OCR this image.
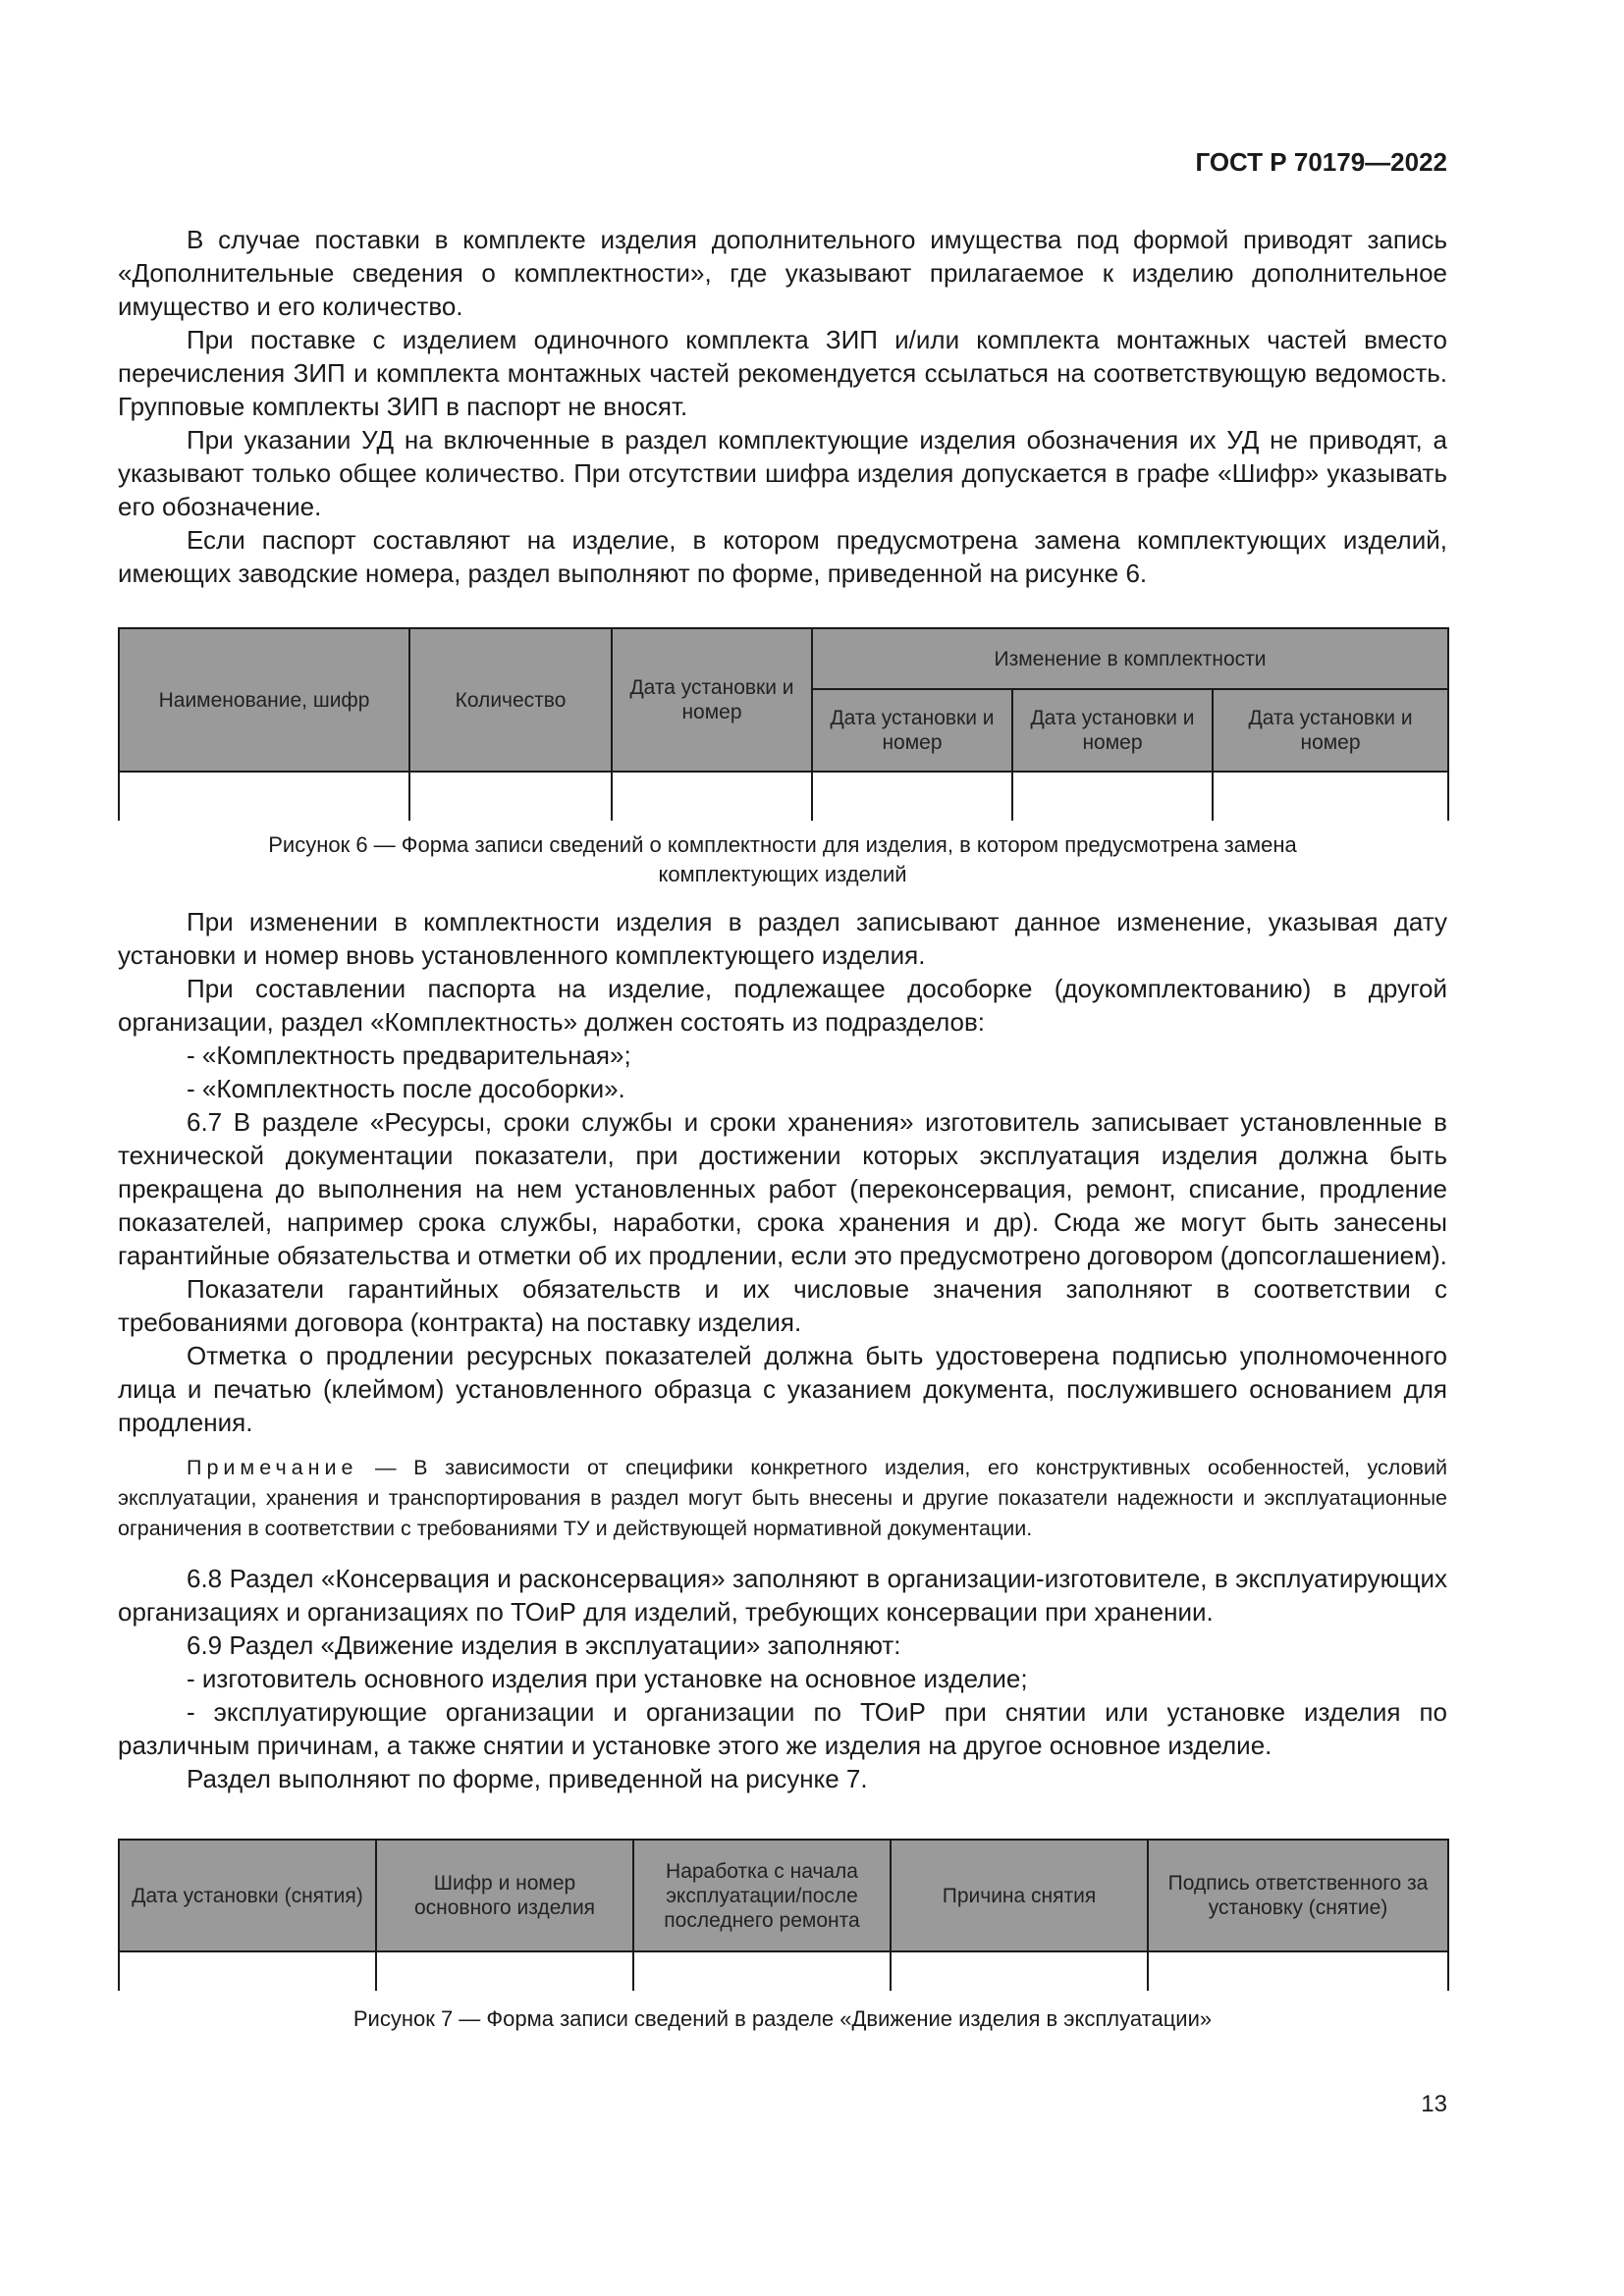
ГОСТ Р 70179—2022

В случае поставки в комплекте изделия дополнительного имущества под формой приводят запись «Дополнительные сведения о комплектности», где указывают прилагаемое к изделию дополнительное имущество и его количество.

При поставке с изделием одиночного комплекта ЗИП и/или комплекта монтажных частей вместо перечисления ЗИП и комплекта монтажных частей рекомендуется ссылаться на соответствующую ведомость. Групповые комплекты ЗИП в паспорт не вносят.

При указании УД на включенные в раздел комплектующие изделия обозначения их УД не приводят, а указывают только общее количество. При отсутствии шифра изделия допускается в графе «Шифр» указывать его обозначение.

Если паспорт составляют на изделие, в котором предусмотрена замена комплектующих изделий, имеющих заводские номера, раздел выполняют по форме, приведенной на рисунке 6.

Наименование, шифр	Количество	Дата установки и номер	Изменение в комплектности		
			Дата установки и номер	Дата установки и номер	Дата установки и номер

Рисунок 6 — Форма записи сведений о комплектности для изделия, в котором предусмотрена замена комплектующих изделий

При изменении в комплектности изделия в раздел записывают данное изменение, указывая дату установки и номер вновь установленного комплектующего изделия.

При составлении паспорта на изделие, подлежащее дособорке (доукомплектованию) в другой организации, раздел «Комплектность» должен состоять из подразделов:

- «Комплектность предварительная»;

- «Комплектность после дособорки».

6.7 В разделе «Ресурсы, сроки службы и сроки хранения» изготовитель записывает установленные в технической документации показатели, при достижении которых эксплуатация изделия должна быть прекращена до выполнения на нем установленных работ (переконсервация, ремонт, списание, продление показателей, например срока службы, наработки, срока хранения и др). Сюда же могут быть занесены гарантийные обязательства и отметки об их продлении, если это предусмотрено договором (допсоглашением).

Показатели гарантийных обязательств и их числовые значения заполняют в соответствии с требованиями договора (контракта) на поставку изделия.

Отметка о продлении ресурсных показателей должна быть удостоверена подписью уполномоченного лица и печатью (клеймом) установленного образца с указанием документа, послужившего основанием для продления.

Примечание — В зависимости от специфики конкретного изделия, его конструктивных особенностей, условий эксплуатации, хранения и транспортирования в раздел могут быть внесены и другие показатели надежности и эксплуатационные ограничения в соответствии с требованиями ТУ и действующей нормативной документации.

6.8 Раздел «Консервация и расконсервация» заполняют в организации-изготовителе, в эксплуатирующих организациях и организациях по ТОиР для изделий, требующих консервации при хранении.

6.9 Раздел «Движение изделия в эксплуатации» заполняют:

- изготовитель основного изделия при установке на основное изделие;

- эксплуатирующие организации и организации по ТОиР при снятии или установке изделия по различным причинам, а также снятии и установке этого же изделия на другое основное изделие.

Раздел выполняют по форме, приведенной на рисунке 7.

Дата установки (снятия)	Шифр и номер основного изделия	Наработка с начала эксплуатации/после последнего ремонта	Причина снятия	Подпись ответственного за установку (снятие)

Рисунок 7 — Форма записи сведений в разделе «Движение изделия в эксплуатации»
13
